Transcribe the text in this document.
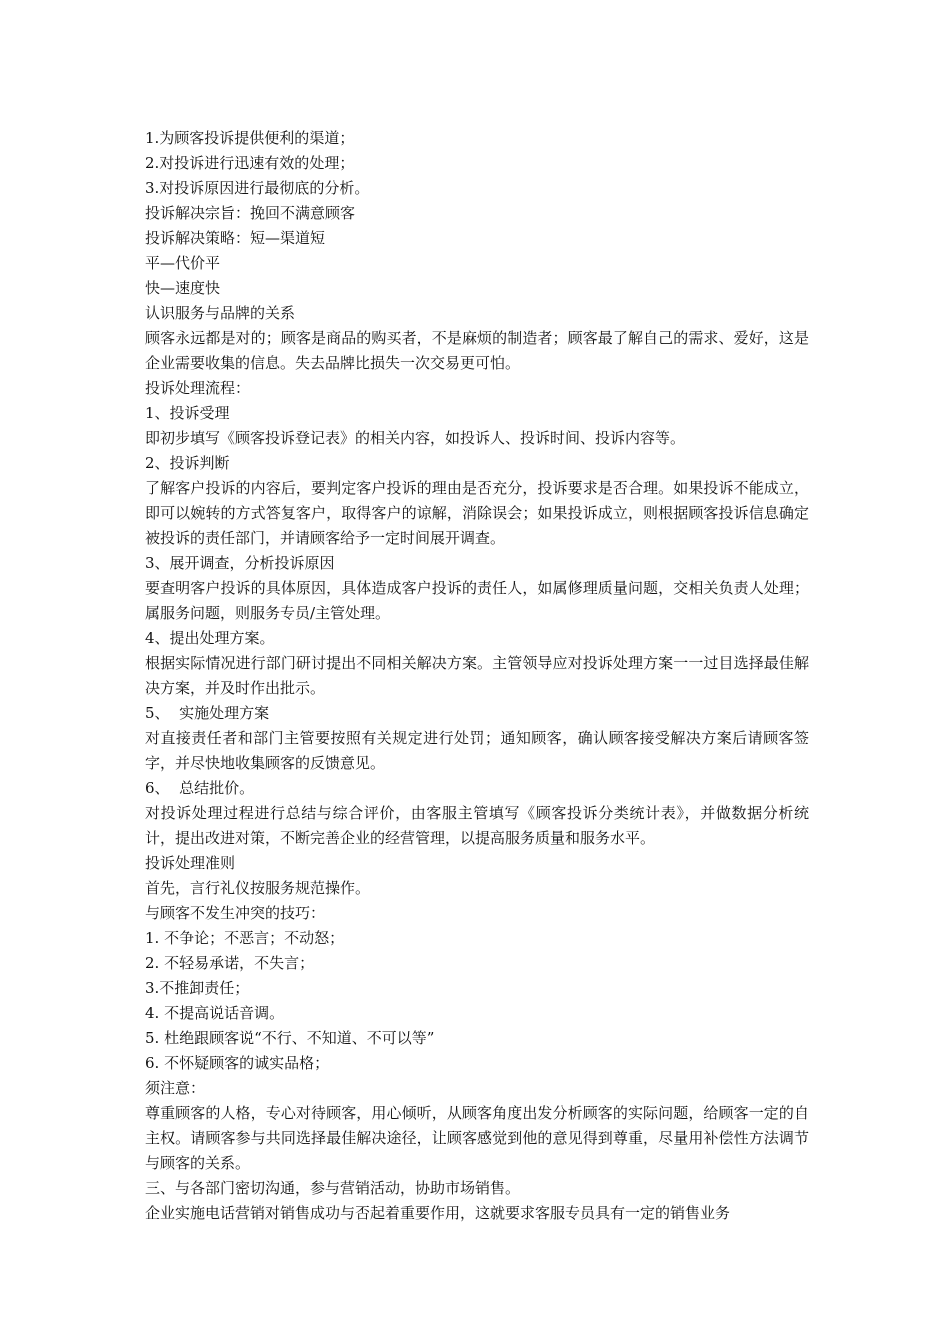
1.为顾客投诉提供便利的渠道；

2.对投诉进行迅速有效的处理；

3.对投诉原因进行最彻底的分析。

投诉解决宗旨：挽回不满意顾客

投诉解决策略：短—渠道短

平—代价平

快—速度快

认识服务与品牌的关系

顾客永远都是对的；顾客是商品的购买者，不是麻烦的制造者；顾客最了解自己的需求、爱好，这是企业需要收集的信息。失去品牌比损失一次交易更可怕。

投诉处理流程：

1、投诉受理

即初步填写《顾客投诉登记表》的相关内容，如投诉人、投诉时间、投诉内容等。

2、投诉判断

了解客户投诉的内容后，要判定客户投诉的理由是否充分，投诉要求是否合理。如果投诉不能成立，即可以婉转的方式答复客户，取得客户的谅解，消除误会；如果投诉成立，则根据顾客投诉信息确定被投诉的责任部门，并请顾客给予一定时间展开调查。

3、展开调查，分析投诉原因

要查明客户投诉的具体原因，具体造成客户投诉的责任人，如属修理质量问题，交相关负责人处理；属服务问题，则服务专员/主管处理。

4、提出处理方案。

根据实际情况进行部门研讨提出不同相关解决方案。主管领导应对投诉处理方案一一过目选择最佳解决方案，并及时作出批示。

5、  实施处理方案

对直接责任者和部门主管要按照有关规定进行处罚；通知顾客，确认顾客接受解决方案后请顾客签字，并尽快地收集顾客的反馈意见。

6、  总结批价。

对投诉处理过程进行总结与综合评价，由客服主管填写《顾客投诉分类统计表》，并做数据分析统计，提出改进对策，不断完善企业的经营管理，以提高服务质量和服务水平。

投诉处理准则

首先，言行礼仪按服务规范操作。

与顾客不发生冲突的技巧：

1. 不争论；不恶言；不动怒；

2. 不轻易承诺，不失言；

3.不推卸责任；

4. 不提高说话音调。

5. 杜绝跟顾客说“不行、不知道、不可以等”

6. 不怀疑顾客的诚实品格；

须注意：

尊重顾客的人格，专心对待顾客，用心倾听，从顾客角度出发分析顾客的实际问题，给顾客一定的自主权。请顾客参与共同选择最佳解决途径，让顾客感觉到他的意见得到尊重，尽量用补偿性方法调节与顾客的关系。

三、与各部门密切沟通，参与营销活动，协助市场销售。

企业实施电话营销对销售成功与否起着重要作用，这就要求客服专员具有一定的销售业务
